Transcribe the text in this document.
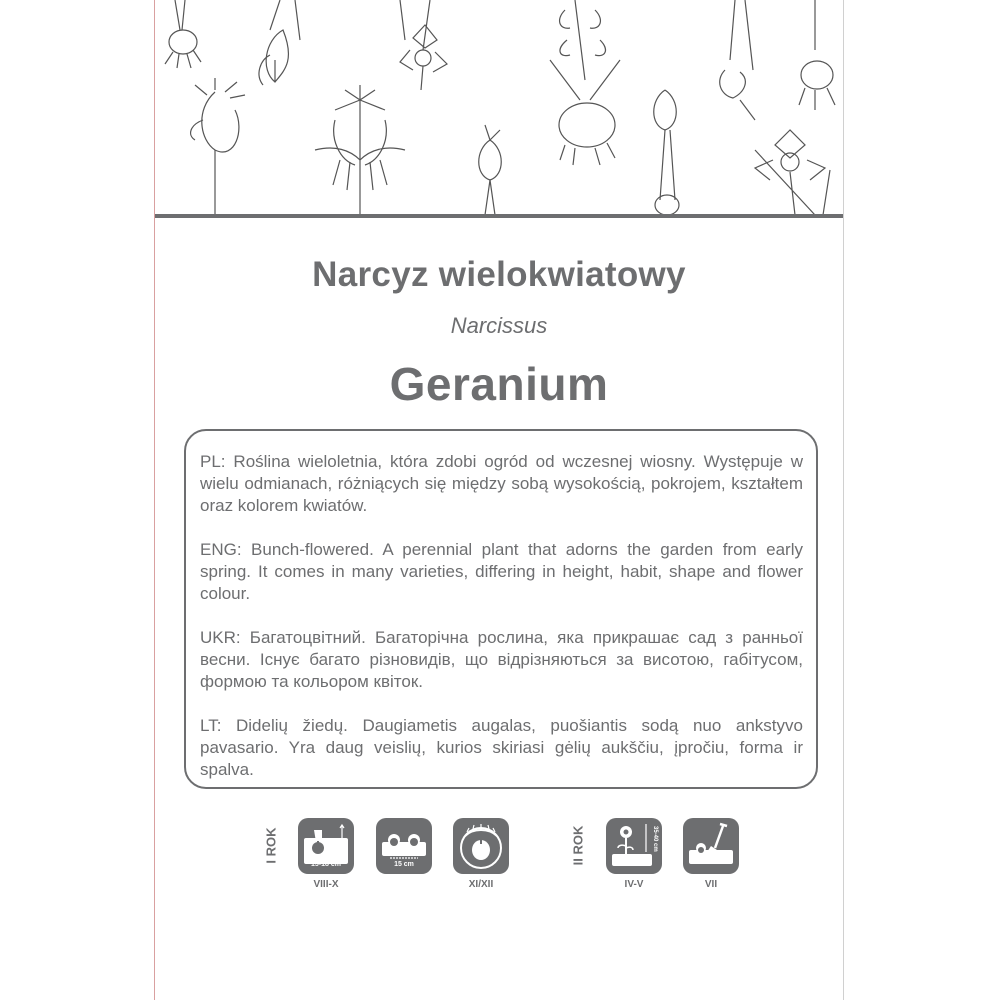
Narcyz wielokwiatowy
Narcissus
Geranium

PL: Roślina wieloletnia, która zdobi ogród od wczesnej wiosny. Występuje w wielu odmianach, różniących się między sobą wysokością, pokrojem, kształtem oraz kolorem kwiatów.

ENG: Bunch-flowered. A perennial plant that adorns the garden from early spring. It comes in many varieties, differing in height, habit, shape and flower colour.

UKR: Багатоцвітний. Багаторічна рослина, яка прикрашає сад з ранньої весни. Існує багато різновидів, що відрізняються за висотою, габітусом, формою та кольором квіток.

LT: Didelių žiedų. Daugiametis augalas, puošiantis sodą nuo ankstyvo pavasario. Yra daug veislių, kurios skiriasi gėlių aukščiu, įpročiu, forma ir spalva.

I ROK
15-18 cm
VIII-X
15 cm
XI/XII
II ROK	35-40 cm
IV-V	VII
